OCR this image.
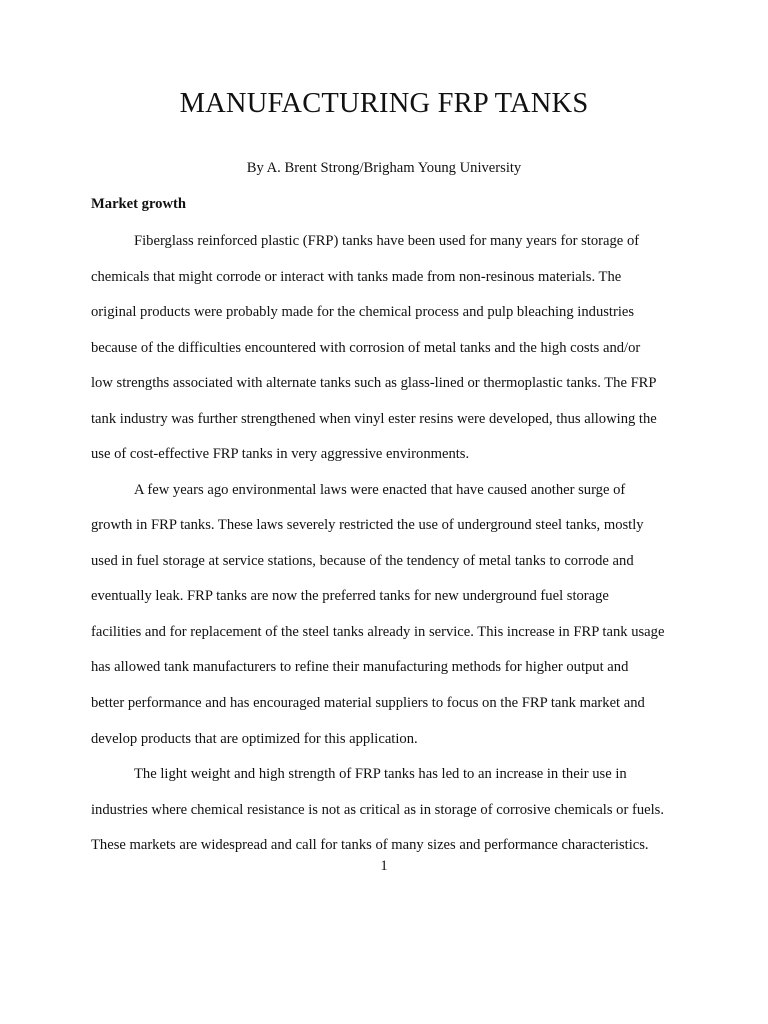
MANUFACTURING FRP TANKS

By A. Brent Strong/Brigham Young University

Market growth

Fiberglass reinforced plastic (FRP) tanks have been used for many years for storage of

chemicals that might corrode or interact with tanks made from non-resinous materials. The

original products were probably made for the chemical process and pulp bleaching industries

because of the difficulties encountered with corrosion of metal tanks and the high costs and/or

low strengths associated with alternate tanks such as glass-lined or thermoplastic tanks. The FRP

tank industry was further strengthened when vinyl ester resins were developed, thus allowing the

use of cost-effective FRP tanks in very aggressive environments.

A few years ago environmental laws were enacted that have caused another surge of

growth in FRP tanks. These laws severely restricted the use of underground steel tanks, mostly

used in fuel storage at service stations, because of the tendency of metal tanks to corrode and

eventually leak. FRP tanks are now the preferred tanks for new underground fuel storage

facilities and for replacement of the steel tanks already in service. This increase in FRP tank usage

has allowed tank manufacturers to refine their manufacturing methods for higher output and

better performance and has encouraged material suppliers to focus on the FRP tank market and

develop products that are optimized for this application.

The light weight and high strength of FRP tanks has led to an increase in their use in

industries where chemical resistance is not as critical as in storage of corrosive chemicals or fuels.

These markets are widespread and call for tanks of many sizes and performance characteristics.

1
